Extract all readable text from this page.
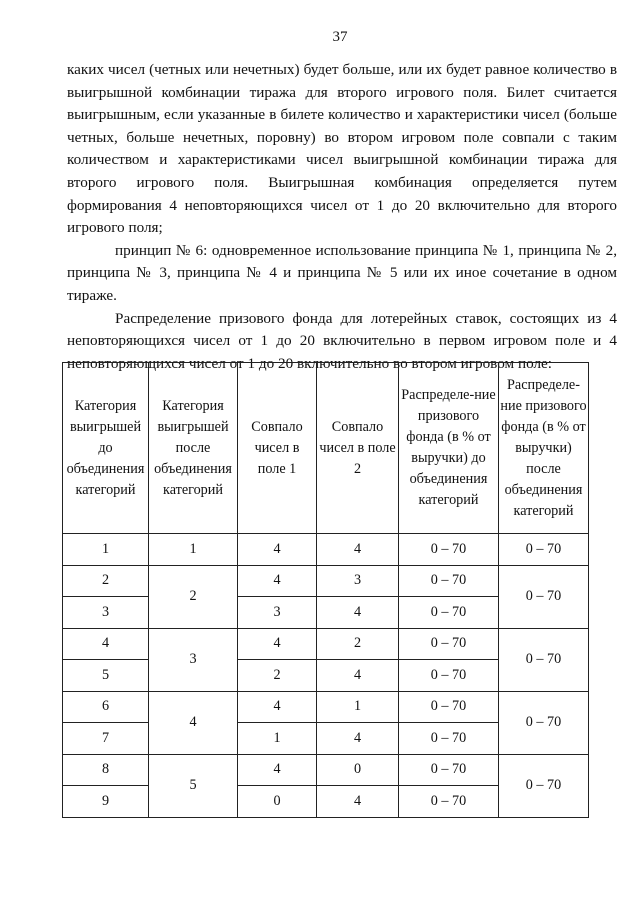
37

каких чисел (четных или нечетных) будет больше, или их будет равное количество в выигрышной комбинации тиража для второго игрового поля. Билет считается выигрышным, если указанные в билете количество и характеристики чисел (больше четных, больше нечетных, поровну) во втором игровом поле совпали с таким количеством и характеристиками чисел выигрышной комбинации тиража для второго игрового поля. Выигрышная комбинация определяется путем формирования 4 неповторяющихся чисел от 1 до 20 включительно для второго игрового поля;

принцип № 6: одновременное использование принципа № 1, принципа № 2, принципа № 3, принципа № 4 и принципа № 5 или их иное сочетание в одном тираже.

Распределение призового фонда для лотерейных ставок, состоящих из 4 неповторяющихся чисел от 1 до 20 включительно в первом игровом поле и 4 неповторяющихся чисел от 1 до 20 включительно во втором игровом поле:

Категория выигрышей до объединения категорий	Категория выигрышей после объединения категорий	Совпало чисел в поле 1	Совпало чисел в поле 2	Распределе-ние призового фонда (в % от выручки) до объединения категорий	Распределе-ние призового фонда (в % от выручки) после объединения категорий
1	1	4	4	0 – 70	0 – 70
2	2	4	3	0 – 70	0 – 70
3		3	4	0 – 70	
4	3	4	2	0 – 70	0 – 70
5		2	4	0 – 70	
6	4	4	1	0 – 70	0 – 70
7		1	4	0 – 70	
8	5	4	0	0 – 70	0 – 70
9		0	4	0 – 70	
